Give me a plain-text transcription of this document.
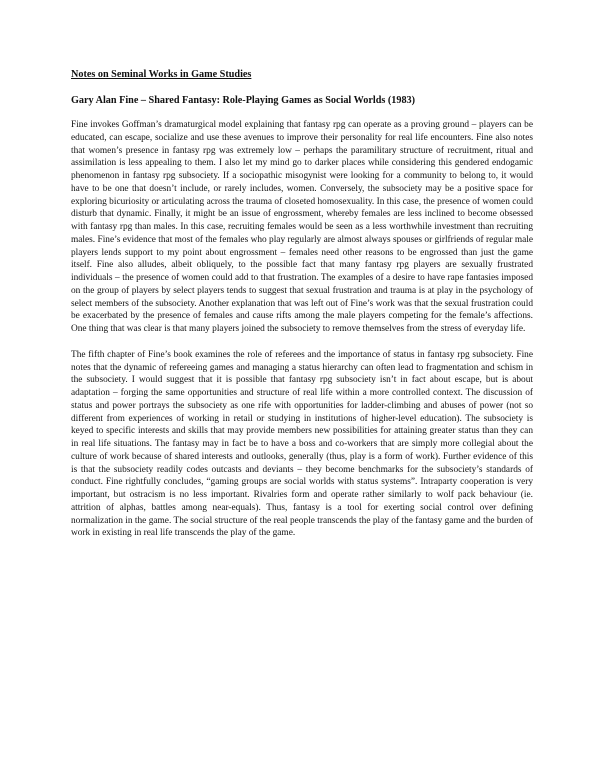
Notes on Seminal Works in Game Studies
Gary Alan Fine – Shared Fantasy: Role-Playing Games as Social Worlds (1983)

Fine invokes Goffman’s dramaturgical model explaining that fantasy rpg can operate as a proving ground – players can be educated, can escape, socialize and use these avenues to improve their personality for real life encounters. Fine also notes that women’s presence in fantasy rpg was extremely low – perhaps the paramilitary structure of recruitment, ritual and assimilation is less appealing to them. I also let my mind go to darker places while considering this gendered endogamic phenomenon in fantasy rpg subsociety. If a sociopathic misogynist were looking for a community to belong to, it would have to be one that doesn’t include, or rarely includes, women. Conversely, the subsociety may be a positive space for exploring bicuriosity or articulating across the trauma of closeted homosexuality. In this case, the presence of women could disturb that dynamic. Finally, it might be an issue of engrossment, whereby females are less inclined to become obsessed with fantasy rpg than males. In this case, recruiting females would be seen as a less worthwhile investment than recruiting males. Fine’s evidence that most of the females who play regularly are almost always spouses or girlfriends of regular male players lends support to my point about engrossment – females need other reasons to be engrossed than just the game itself. Fine also alludes, albeit obliquely, to the possible fact that many fantasy rpg players are sexually frustrated individuals – the presence of women could add to that frustration. The examples of a desire to have rape fantasies imposed on the group of players by select players tends to suggest that sexual frustration and trauma is at play in the psychology of select members of the subsociety. Another explanation that was left out of Fine’s work was that the sexual frustration could be exacerbated by the presence of females and cause rifts among the male players competing for the female’s affections. One thing that was clear is that many players joined the subsociety to remove themselves from the stress of everyday life.

The fifth chapter of Fine’s book examines the role of referees and the importance of status in fantasy rpg subsociety. Fine notes that the dynamic of refereeing games and managing a status hierarchy can often lead to fragmentation and schism in the subsociety. I would suggest that it is possible that fantasy rpg subsociety isn’t in fact about escape, but is about adaptation – forging the same opportunities and structure of real life within a more controlled context. The discussion of status and power portrays the subsociety as one rife with opportunities for ladder-climbing and abuses of power (not so different from experiences of working in retail or studying in institutions of higher-level education). The subsociety is keyed to specific interests and skills that may provide members new possibilities for attaining greater status than they can in real life situations. The fantasy may in fact be to have a boss and co-workers that are simply more collegial about the culture of work because of shared interests and outlooks, generally (thus, play is a form of work). Further evidence of this is that the subsociety readily codes outcasts and deviants – they become benchmarks for the subsociety’s standards of conduct. Fine rightfully concludes, “gaming groups are social worlds with status systems”. Intraparty cooperation is very important, but ostracism is no less important. Rivalries form and operate rather similarly to wolf pack behaviour (ie. attrition of alphas, battles among near-equals). Thus, fantasy is a tool for exerting social control over defining normalization in the game. The social structure of the real people transcends the play of the fantasy game and the burden of work in existing in real life transcends the play of the game.
